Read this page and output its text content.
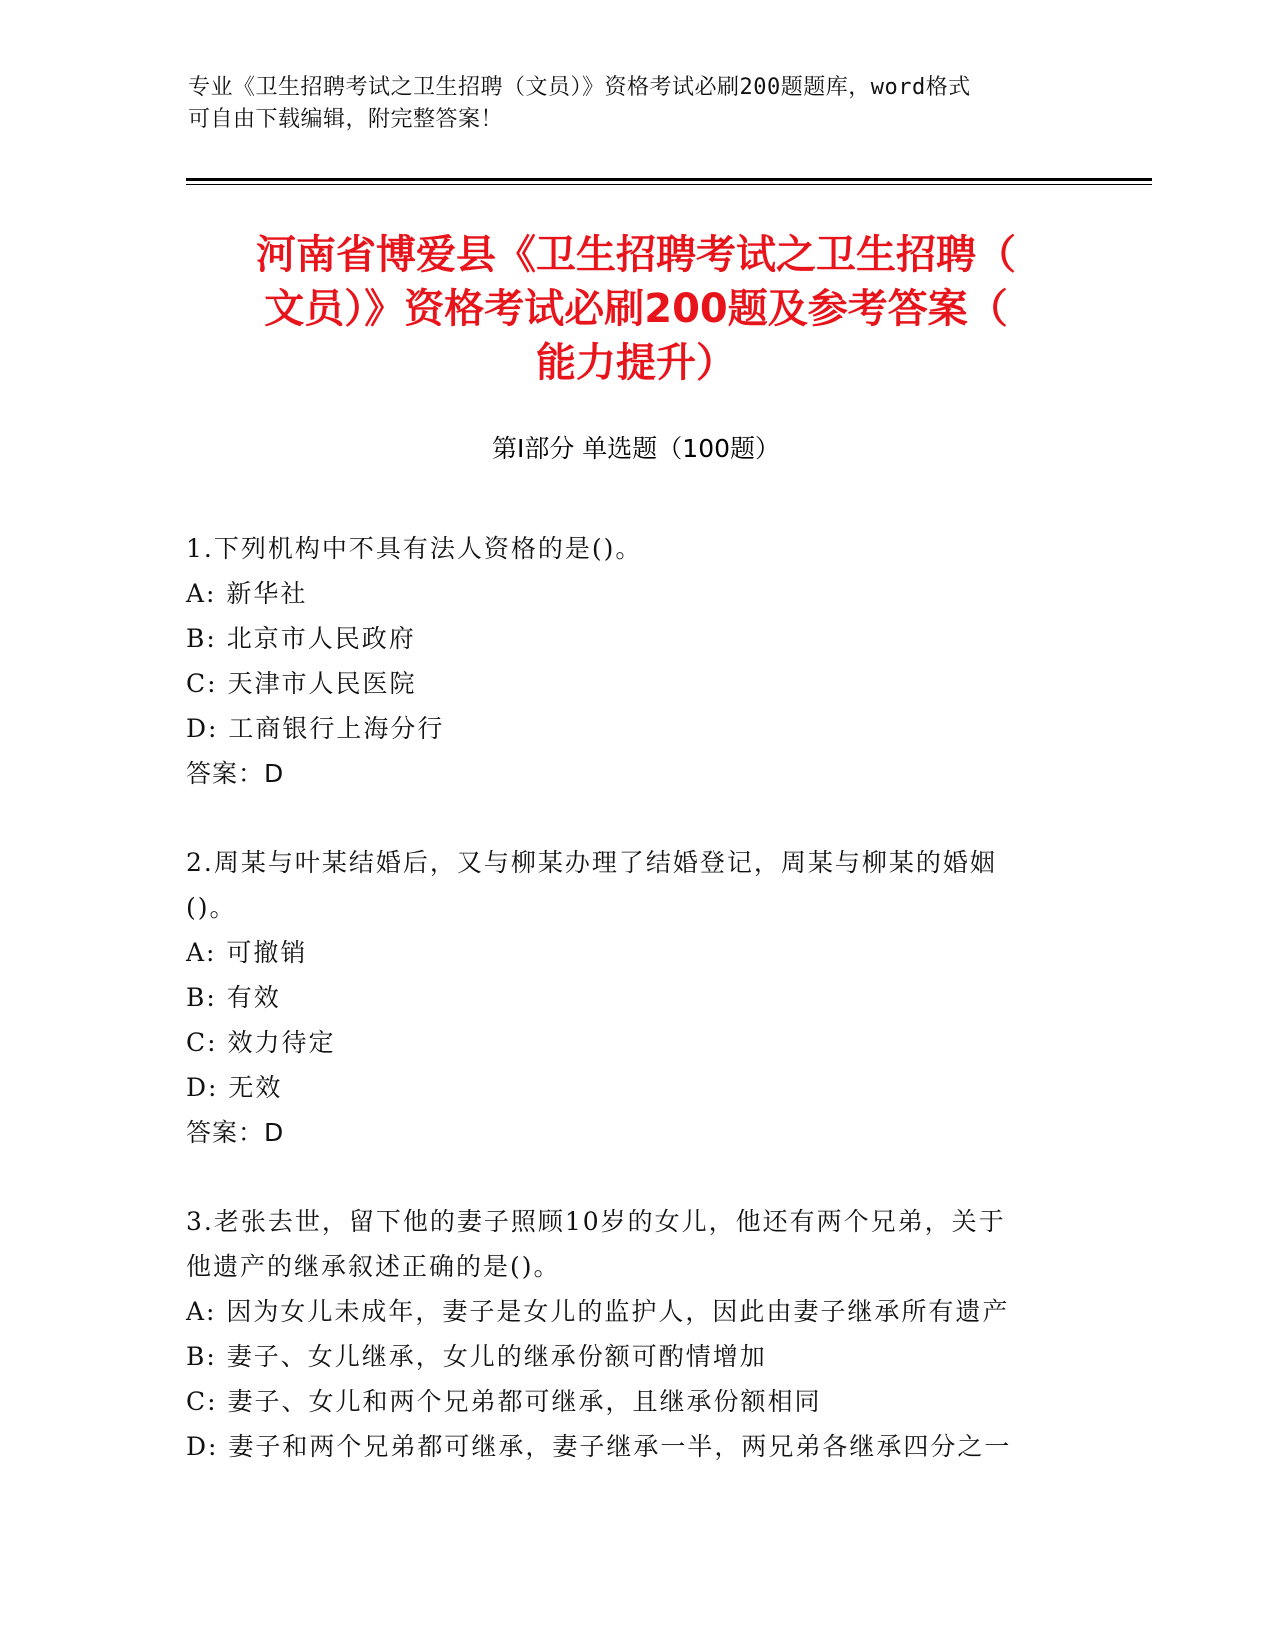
专业《卫生招聘考试之卫生招聘（文员）》资格考试必刷200题题库，word格式
可自由下载编辑，附完整答案！
河南省博爱县《卫生招聘考试之卫生招聘（
文员）》资格考试必刷200题及参考答案（
能力提升）
第Ⅰ部分 单选题（100题）
1.下列机构中不具有法人资格的是()。
A: 新华社
B: 北京市人民政府
C: 天津市人民医院
D: 工商银行上海分行
答案：D
2.周某与叶某结婚后，又与柳某办理了结婚登记，周某与柳某的婚姻
()。
A: 可撤销
B: 有效
C: 效力待定
D: 无效
答案：D
3.老张去世，留下他的妻子照顾10岁的女儿，他还有两个兄弟，关于
他遗产的继承叙述正确的是()。
A: 因为女儿未成年，妻子是女儿的监护人，因此由妻子继承所有遗产
B: 妻子、女儿继承，女儿的继承份额可酌情增加
C: 妻子、女儿和两个兄弟都可继承，且继承份额相同
D: 妻子和两个兄弟都可继承，妻子继承一半，两兄弟各继承四分之一
